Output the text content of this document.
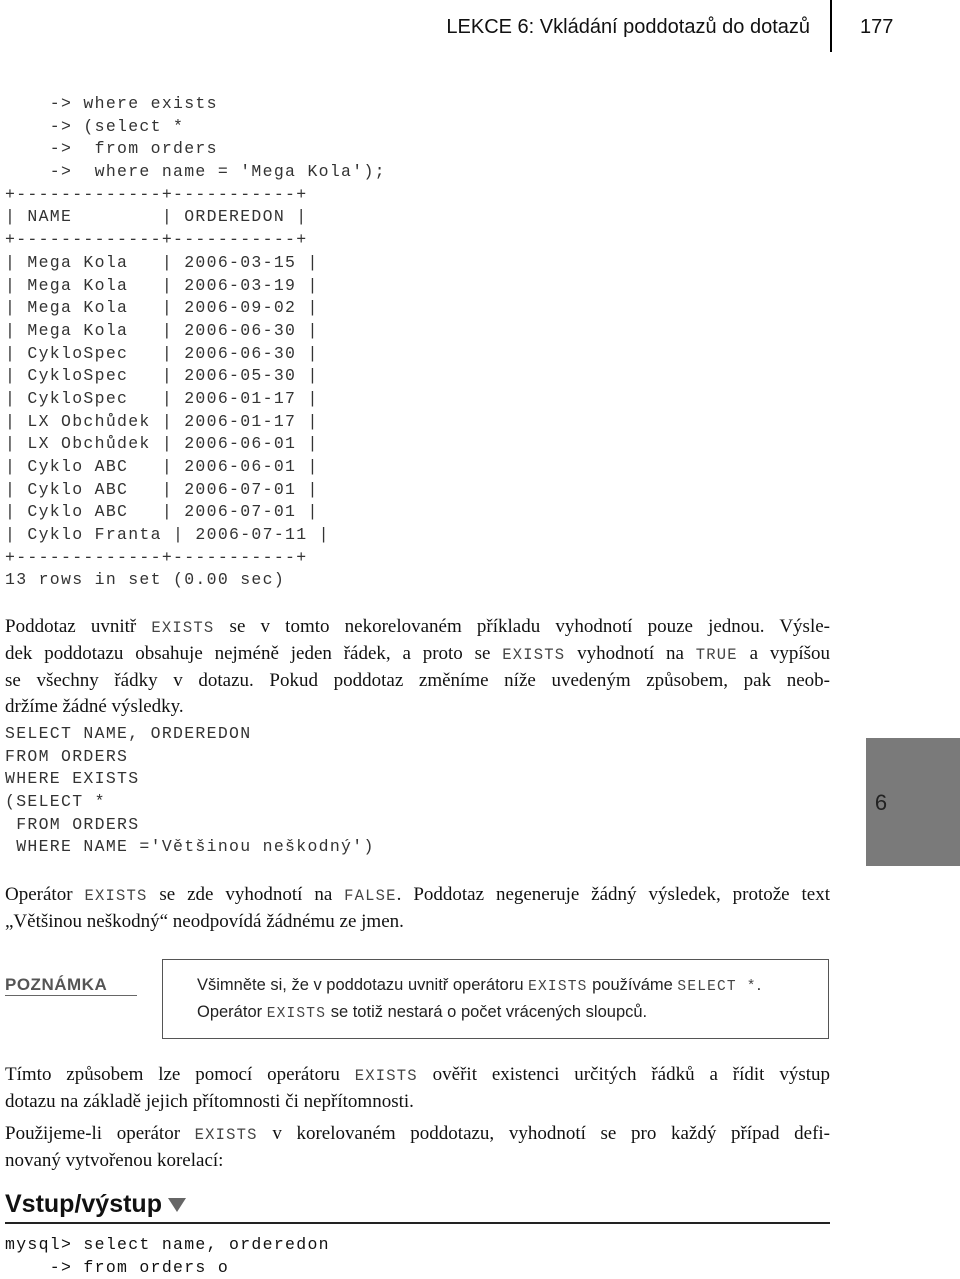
LEKCE 6: Vkládání poddotazů do dotazů	177
-> where exists
-> (select *
->  from orders
->  where name = 'Mega Kola');
+-------------+-----------+
| NAME        | ORDEREDON |
+-------------+-----------+
| Mega Kola   | 2006-03-15 |
| Mega Kola   | 2006-03-19 |
| Mega Kola   | 2006-09-02 |
| Mega Kola   | 2006-06-30 |
| CykloSpec   | 2006-06-30 |
| CykloSpec   | 2006-05-30 |
| CykloSpec   | 2006-01-17 |
| LX Obchůdek | 2006-01-17 |
| LX Obchůdek | 2006-06-01 |
| Cyklo ABC   | 2006-06-01 |
| Cyklo ABC   | 2006-07-01 |
| Cyklo ABC   | 2006-07-01 |
| Cyklo Franta | 2006-07-11 |
+-------------+-----------+
13 rows in set (0.00 sec)
Poddotaz uvnitř EXISTS se v tomto nekorelovaném příkladu vyhodnotí pouze jednou. Výsle-
dek poddotazu obsahuje nejméně jeden řádek, a proto se EXISTS vyhodnotí na TRUE a vypíšou
se všechny řádky v dotazu. Pokud poddotaz změníme níže uvedeným způsobem, pak neob-
držíme žádné výsledky.
SELECT NAME, ORDEREDON
FROM ORDERS
WHERE EXISTS
(SELECT *
FROM ORDERS
WHERE NAME ='Většinou neškodný')
6
Operátor EXISTS se zde vyhodnotí na FALSE. Poddotaz negeneruje žádný výsledek, protože text
„Většinou neškodný“ neodpovídá žádnému ze jmen.
POZNÁMKA	Všimněte si, že v poddotazu uvnitř operátoru EXISTS používáme SELECT *.
Operátor EXISTS se totiž nestará o počet vrácených sloupců.
Tímto způsobem lze pomocí operátoru EXISTS ověřit existenci určitých řádků a řídit výstup
dotazu na základě jejich přítomnosti či nepřítomnosti.
Použijeme-li operátor EXISTS v korelovaném poddotazu, vyhodnotí se pro každý případ defi-
novaný vytvořenou korelací:
Vstup/výstup
mysql> select name, orderedon
-> from orders o
